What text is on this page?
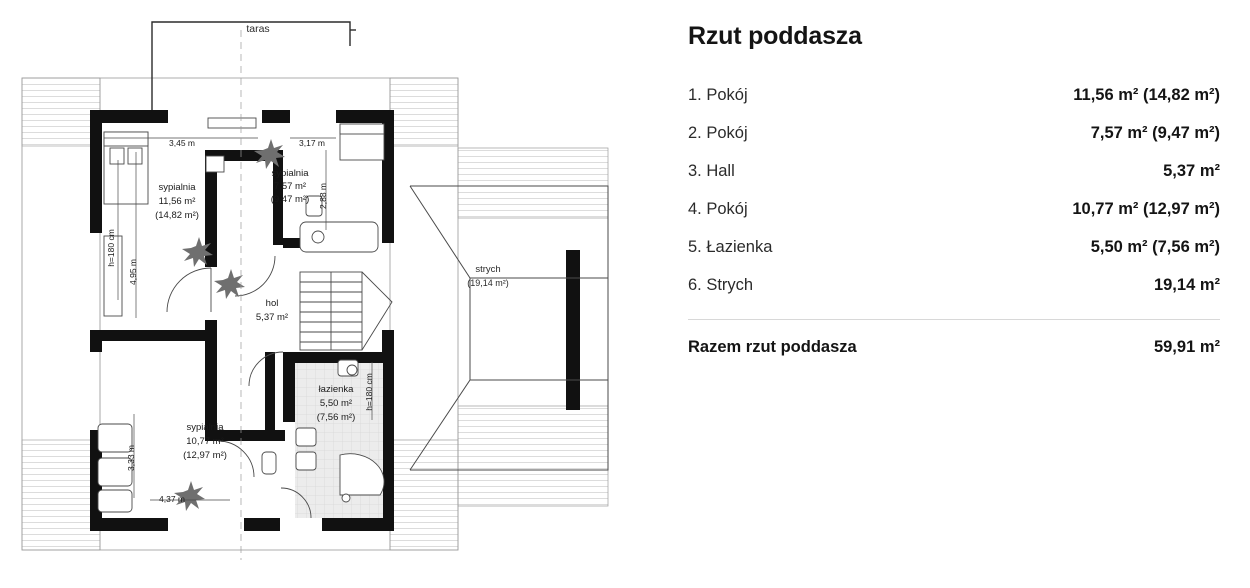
taras
strych
(19,14 m²)
sypialnia
11,56 m²
(14,82 m²)
sypialnia
7,57 m²
(9,47 m²)
hol
5,37 m²
sypialnia
10,77 m²
(12,97 m²)
łazienka
5,50 m²
(7,56 m²)
3,45 m	3,17 m
2,88 m
4,95 m
h=180 cm
3,33 m
4,37 m
h=180 cm
Rzut poddasza
1. Pokój	11,56 m² (14,82 m²)
2. Pokój	7,57 m² (9,47 m²)
3. Hall	5,37 m²
4. Pokój	10,77 m² (12,97 m²)
5. Łazienka	5,50 m² (7,56 m²)
6. Strych	19,14 m²
Razem rzut poddasza	59,91 m²
